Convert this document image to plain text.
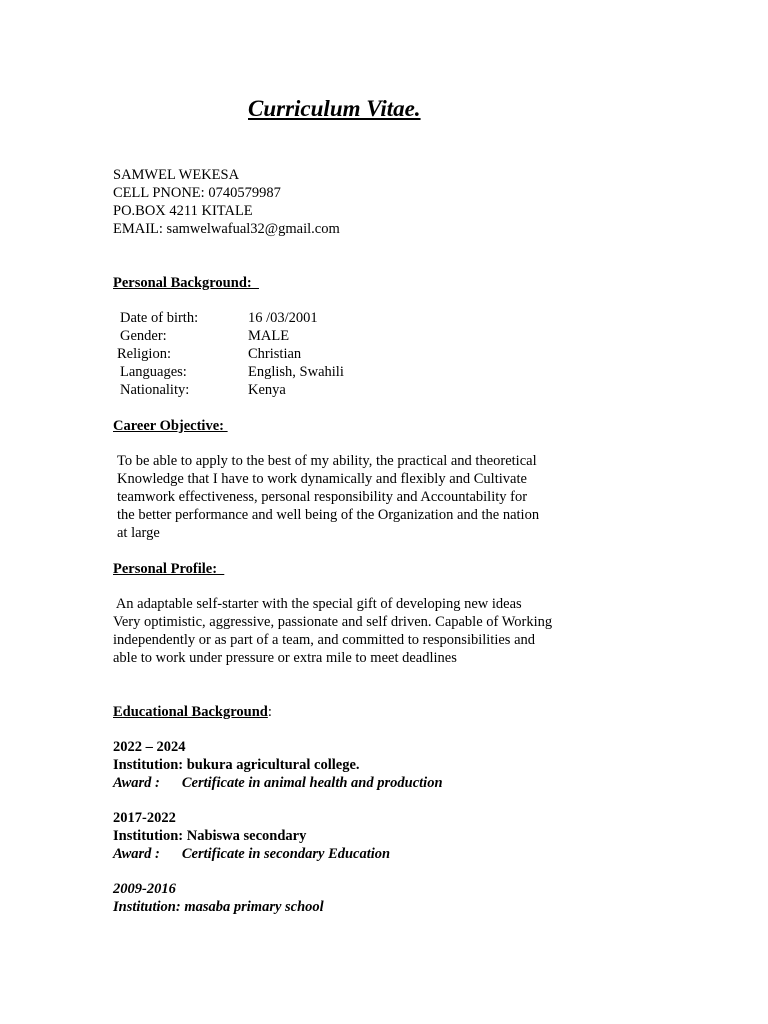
Curriculum Vitae.
SAMWEL WEKESA
CELL PNONE: 0740579987
PO.BOX 4211 KITALE
EMAIL: samwelwafual32@gmail.com
Personal Background:
Date of birth:	16 /03/2001
Gender:	MALE
Religion:	Christian
Languages:	English, Swahili
Nationality:	Kenya
Career Objective:
To be able to apply to the best of my ability, the practical and theoretical
Knowledge that I have to work dynamically and flexibly and Cultivate
teamwork effectiveness, personal responsibility and Accountability for
the better performance and well being of the Organization and the nation
at large
Personal Profile:
An adaptable self-starter with the special gift of developing new ideas
Very optimistic, aggressive, passionate and self driven. Capable of Working
independently or as part of a team, and committed to responsibilities and
able to work under pressure or extra mile to meet deadlines
Educational Background:
2022 – 2024
Institution: bukura agricultural college.
Award : Certificate in animal health and production
2017-2022
Institution: Nabiswa secondary
Award : Certificate in secondary Education
2009-2016
Institution: masaba primary school
